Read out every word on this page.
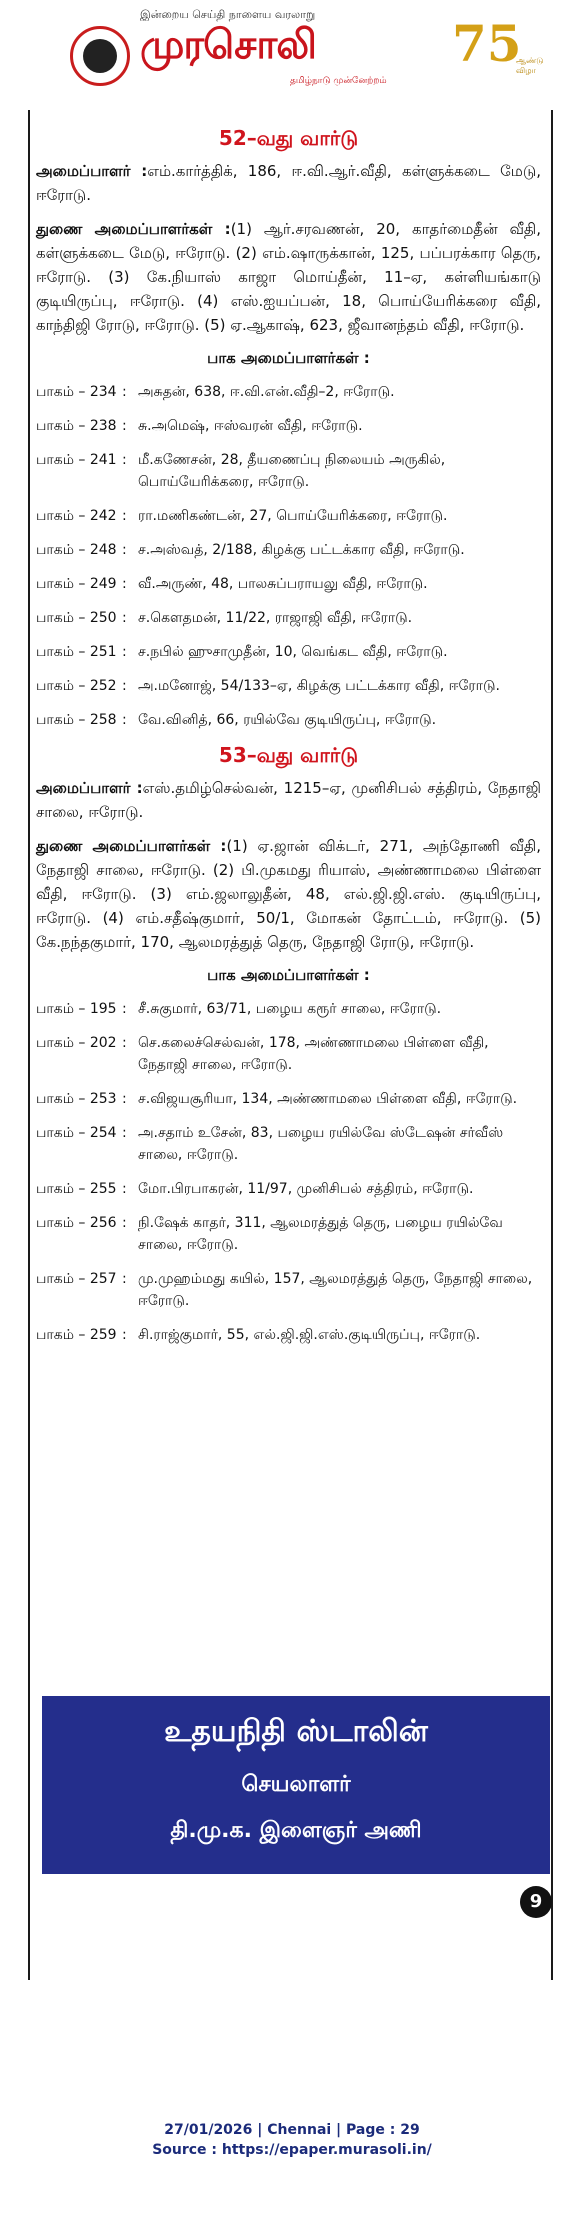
இன்றைய செய்தி நாளைய வரலாறு
முரசொலி
தமிழ்நாடு முன்னேற்றம்
75
ஆண்டு விழா
52–வது வார்டு

அமைப்பாளர் :எம்.கார்த்திக், 186, ஈ.வி.ஆர்.வீதி, கள்ளுக்கடை மேடு, ஈரோடு.

துணை அமைப்பாளர்கள் :(1) ஆர்.சரவணன், 20, காதர்மைதீன் வீதி, கள்ளுக்கடை மேடு, ஈரோடு. (2) எம்.ஷாருக்கான், 125, பப்பரக்கார தெரு, ஈரோடு. (3) கே.நியாஸ் காஜா மொய்தீன், 11–ஏ, கள்ளியங்காடு குடியிருப்பு, ஈரோடு. (4) எஸ்.ஐயப்பன், 18, பொய்யேரிக்கரை வீதி, காந்திஜி ரோடு, ஈரோடு. (5) ஏ.ஆகாஷ், 623, ஜீவானந்தம் வீதி, ஈரோடு.

பாக அமைப்பாளர்கள் :
பாகம் – 234 : அசுதன், 638, ஈ.வி.என்.வீதி–2, ஈரோடு.
பாகம் – 238 : சு.அமெஷ், ஈஸ்வரன் வீதி, ஈரோடு.
பாகம் – 241 : மீ.கணேசன், 28, தீயணைப்பு நிலையம் அருகில், பொய்யேரிக்கரை, ஈரோடு.
பாகம் – 242 : ரா.மணிகண்டன், 27, பொய்யேரிக்கரை, ஈரோடு.
பாகம் – 248 : ச.அஸ்வத், 2/188, கிழக்கு பட்டக்கார வீதி, ஈரோடு.
பாகம் – 249 : வீ.அருண், 48, பாலசுப்பராயலு வீதி, ஈரோடு.
பாகம் – 250 : ச.கௌதமன், 11/22, ராஜாஜி வீதி, ஈரோடு.
பாகம் – 251 : ச.நபில் ஹுசாமுதீன், 10, வெங்கட வீதி, ஈரோடு.
பாகம் – 252 : அ.மனோஜ், 54/133–ஏ, கிழக்கு பட்டக்கார வீதி, ஈரோடு.
பாகம் – 258 : வே.வினித், 66, ரயில்வே குடியிருப்பு, ஈரோடு.
53–வது வார்டு

அமைப்பாளர் :எஸ்.தமிழ்செல்வன், 1215–ஏ, முனிசிபல் சத்திரம், நேதாஜி சாலை, ஈரோடு.

துணை அமைப்பாளர்கள் :(1) ஏ.ஜான் விக்டர், 271, அந்தோணி வீதி, நேதாஜி சாலை, ஈரோடு. (2) பி.முகமது ரியாஸ், அண்ணாமலை பிள்ளை வீதி, ஈரோடு. (3) எம்.ஜலாலுதீன், 48, எல்.ஜி.ஜி.எஸ். குடியிருப்பு, ஈரோடு. (4) எம்.சதீஷ்குமார், 50/1, மோகன் தோட்டம், ஈரோடு. (5) கே.நந்தகுமார், 170, ஆலமரத்துத் தெரு, நேதாஜி ரோடு, ஈரோடு.

பாக அமைப்பாளர்கள் :
பாகம் – 195 : சீ.சுகுமார், 63/71, பழைய கரூர் சாலை, ஈரோடு.
பாகம் – 202 : செ.கலைச்செல்வன், 178, அண்ணாமலை பிள்ளை வீதி, நேதாஜி சாலை, ஈரோடு.
பாகம் – 253 : ச.விஜயசூரியா, 134, அண்ணாமலை பிள்ளை வீதி, ஈரோடு.
பாகம் – 254 : அ.சதாம் உசேன், 83, பழைய ரயில்வே ஸ்டேஷன் சர்வீஸ் சாலை, ஈரோடு.
பாகம் – 255 : மோ.பிரபாகரன், 11/97, முனிசிபல் சத்திரம், ஈரோடு.
பாகம் – 256 : நி.ஷேக் காதர், 311, ஆலமரத்துத் தெரு, பழைய ரயில்வே சாலை, ஈரோடு.
பாகம் – 257 : மு.முஹம்மது கயில், 157, ஆலமரத்துத் தெரு, நேதாஜி சாலை, ஈரோடு.
பாகம் – 259 : சி.ராஜ்குமார், 55, எல்.ஜி.ஜி.எஸ்.குடியிருப்பு, ஈரோடு.
உதயநிதி ஸ்டாலின்
செயலாளர்
தி.மு.க. இளைஞர் அணி
9
27/01/2026 | Chennai | Page : 29
Source : https://epaper.murasoli.in/
